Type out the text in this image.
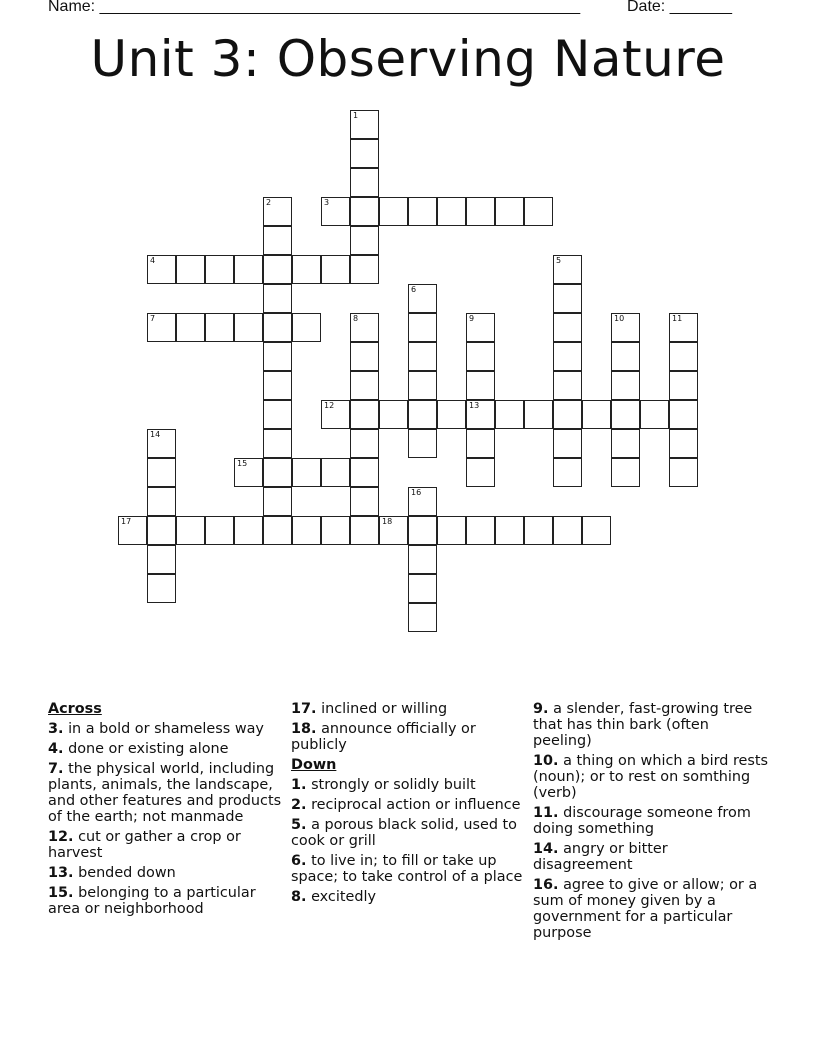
Name: ______________________________________________________	Date: _______
Unit 3: Observing Nature
1
2	3
4	5
6
7	8	9
13
10	11
12
14
15
16
17	18
Across
3. in a bold or shameless way
4. done or existing alone
7. the physical world, including plants, animals, the landscape, and other features and products of the earth; not manmade
12. cut or gather a crop or harvest
13. bended down
15. belonging to a particular area or neighborhood
17. inclined or willing
18. announce officially or publicly
Down
1. strongly or solidly built
2. reciprocal action or influence
5. a porous black solid, used to cook or grill
6. to live in; to fill or take up space; to take control of a place
8. excitedly
9. a slender, fast-growing tree that has thin bark (often peeling)
10. a thing on which a bird rests (noun); or to rest on somthing (verb)
11. discourage someone from doing something
14. angry or bitter disagreement
16. agree to give or allow; or a sum of money given by a government for a particular purpose
